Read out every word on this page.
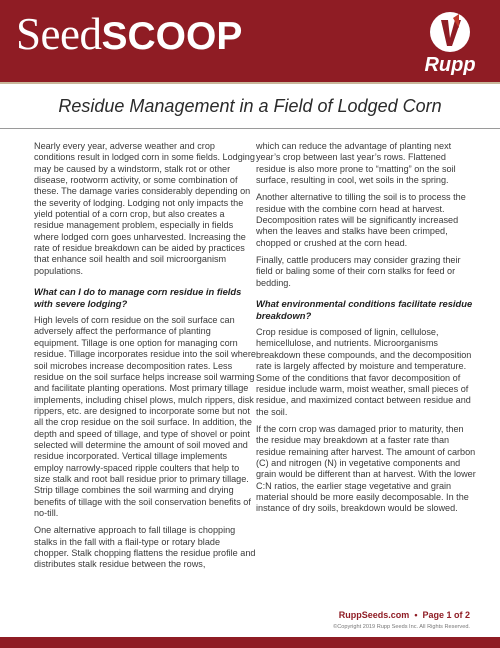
SeedSCOOP
Rupp
Residue Management in a Field of Lodged Corn

Nearly every year, adverse weather and crop conditions result in lodged corn in some fields. Lodging may be caused by a windstorm, stalk rot or other disease, rootworm activity, or some combination of these. The damage varies considerably depending on the severity of lodging. Lodging not only impacts the yield potential of a corn crop, but also creates a residue management problem, especially in fields where lodged corn goes unharvested. Increasing the rate of residue breakdown can be aided by practices that enhance soil health and soil microorganism populations.

What can I do to manage corn residue in fields with severe lodging?

High levels of corn residue on the soil surface can adversely affect the performance of planting equipment. Tillage is one option for managing corn residue. Tillage incorporates residue into the soil where soil microbes increase decomposition rates. Less residue on the soil surface helps increase soil warming and facilitate planting operations. Most primary tillage implements, including chisel plows, mulch rippers, disk rippers, etc. are designed to incorporate some but not all the crop residue on the soil surface. In addition, the depth and speed of tillage, and type of shovel or point selected will determine the amount of soil moved and residue incorporated. Vertical tillage implements employ narrowly-spaced ripple coulters that help to size stalk and root ball residue prior to primary tillage. Strip tillage combines the soil warming and drying benefits of tillage with the soil conservation benefits of no-till.

One alternative approach to fall tillage is chopping stalks in the fall with a flail-type or rotary blade chopper. Stalk chopping flattens the residue profile and distributes stalk residue between the rows,

which can reduce the advantage of planting next year’s crop between last year’s rows. Flattened residue is also more prone to “matting” on the soil surface, resulting in cool, wet soils in the spring.

Another alternative to tilling the soil is to process the residue with the combine corn head at harvest. Decomposition rates will be significantly increased when the leaves and stalks have been crimped, chopped or crushed at the corn head.

Finally, cattle producers may consider grazing their field or baling some of their corn stalks for feed or bedding.

What environmental conditions facilitate residue breakdown?

Crop residue is composed of lignin, cellulose, hemicellulose, and nutrients. Microorganisms breakdown these compounds, and the decomposition rate is largely affected by moisture and temperature. Some of the conditions that favor decomposition of residue include warm, moist weather, small pieces of residue, and maximized contact between residue and the soil.

If the corn crop was damaged prior to maturity, then the residue may breakdown at a faster rate than residue remaining after harvest. The amount of carbon (C) and nitrogen (N) in vegetative components and grain would be different than at harvest. With the lower C:N ratios, the earlier stage vegetative and grain material should be more easily decomposable. In the instance of dry soils, breakdown would be slowed.

RuppSeeds.com • Page 1 of 2
©Copyright 2019 Rupp Seeds Inc. All Rights Reserved.
